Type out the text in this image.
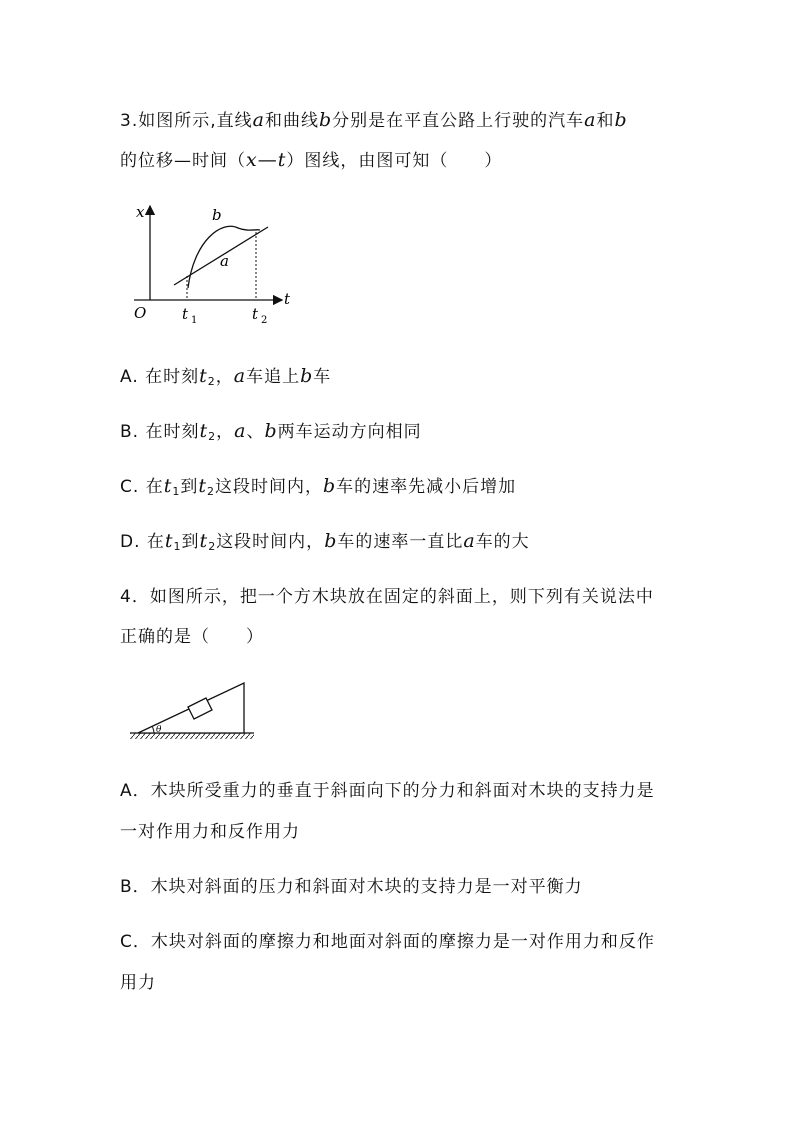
3.如图所示,直线a和曲线b分别是在平直公路上行驶的汽车a和b
的位移—时间（x—t）图线，由图可知（　　）
x
t
O
b
a
t $_1$	t $_2$
A. 在时刻$t_2$，a车追上b车
B. 在时刻$t_2$，a、b两车运动方向相同
C. 在$t_1$到$t_2$这段时间内，b车的速率先减小后增加
D. 在$t_1$到$t_2$这段时间内，b车的速率一直比a车的大
4．如图所示，把一个方木块放在固定的斜面上，则下列有关说法中
正确的是（　　）
θ
A．木块所受重力的垂直于斜面向下的分力和斜面对木块的支持力是
一对作用力和反作用力
B．木块对斜面的压力和斜面对木块的支持力是一对平衡力
C．木块对斜面的摩擦力和地面对斜面的摩擦力是一对作用力和反作
用力
